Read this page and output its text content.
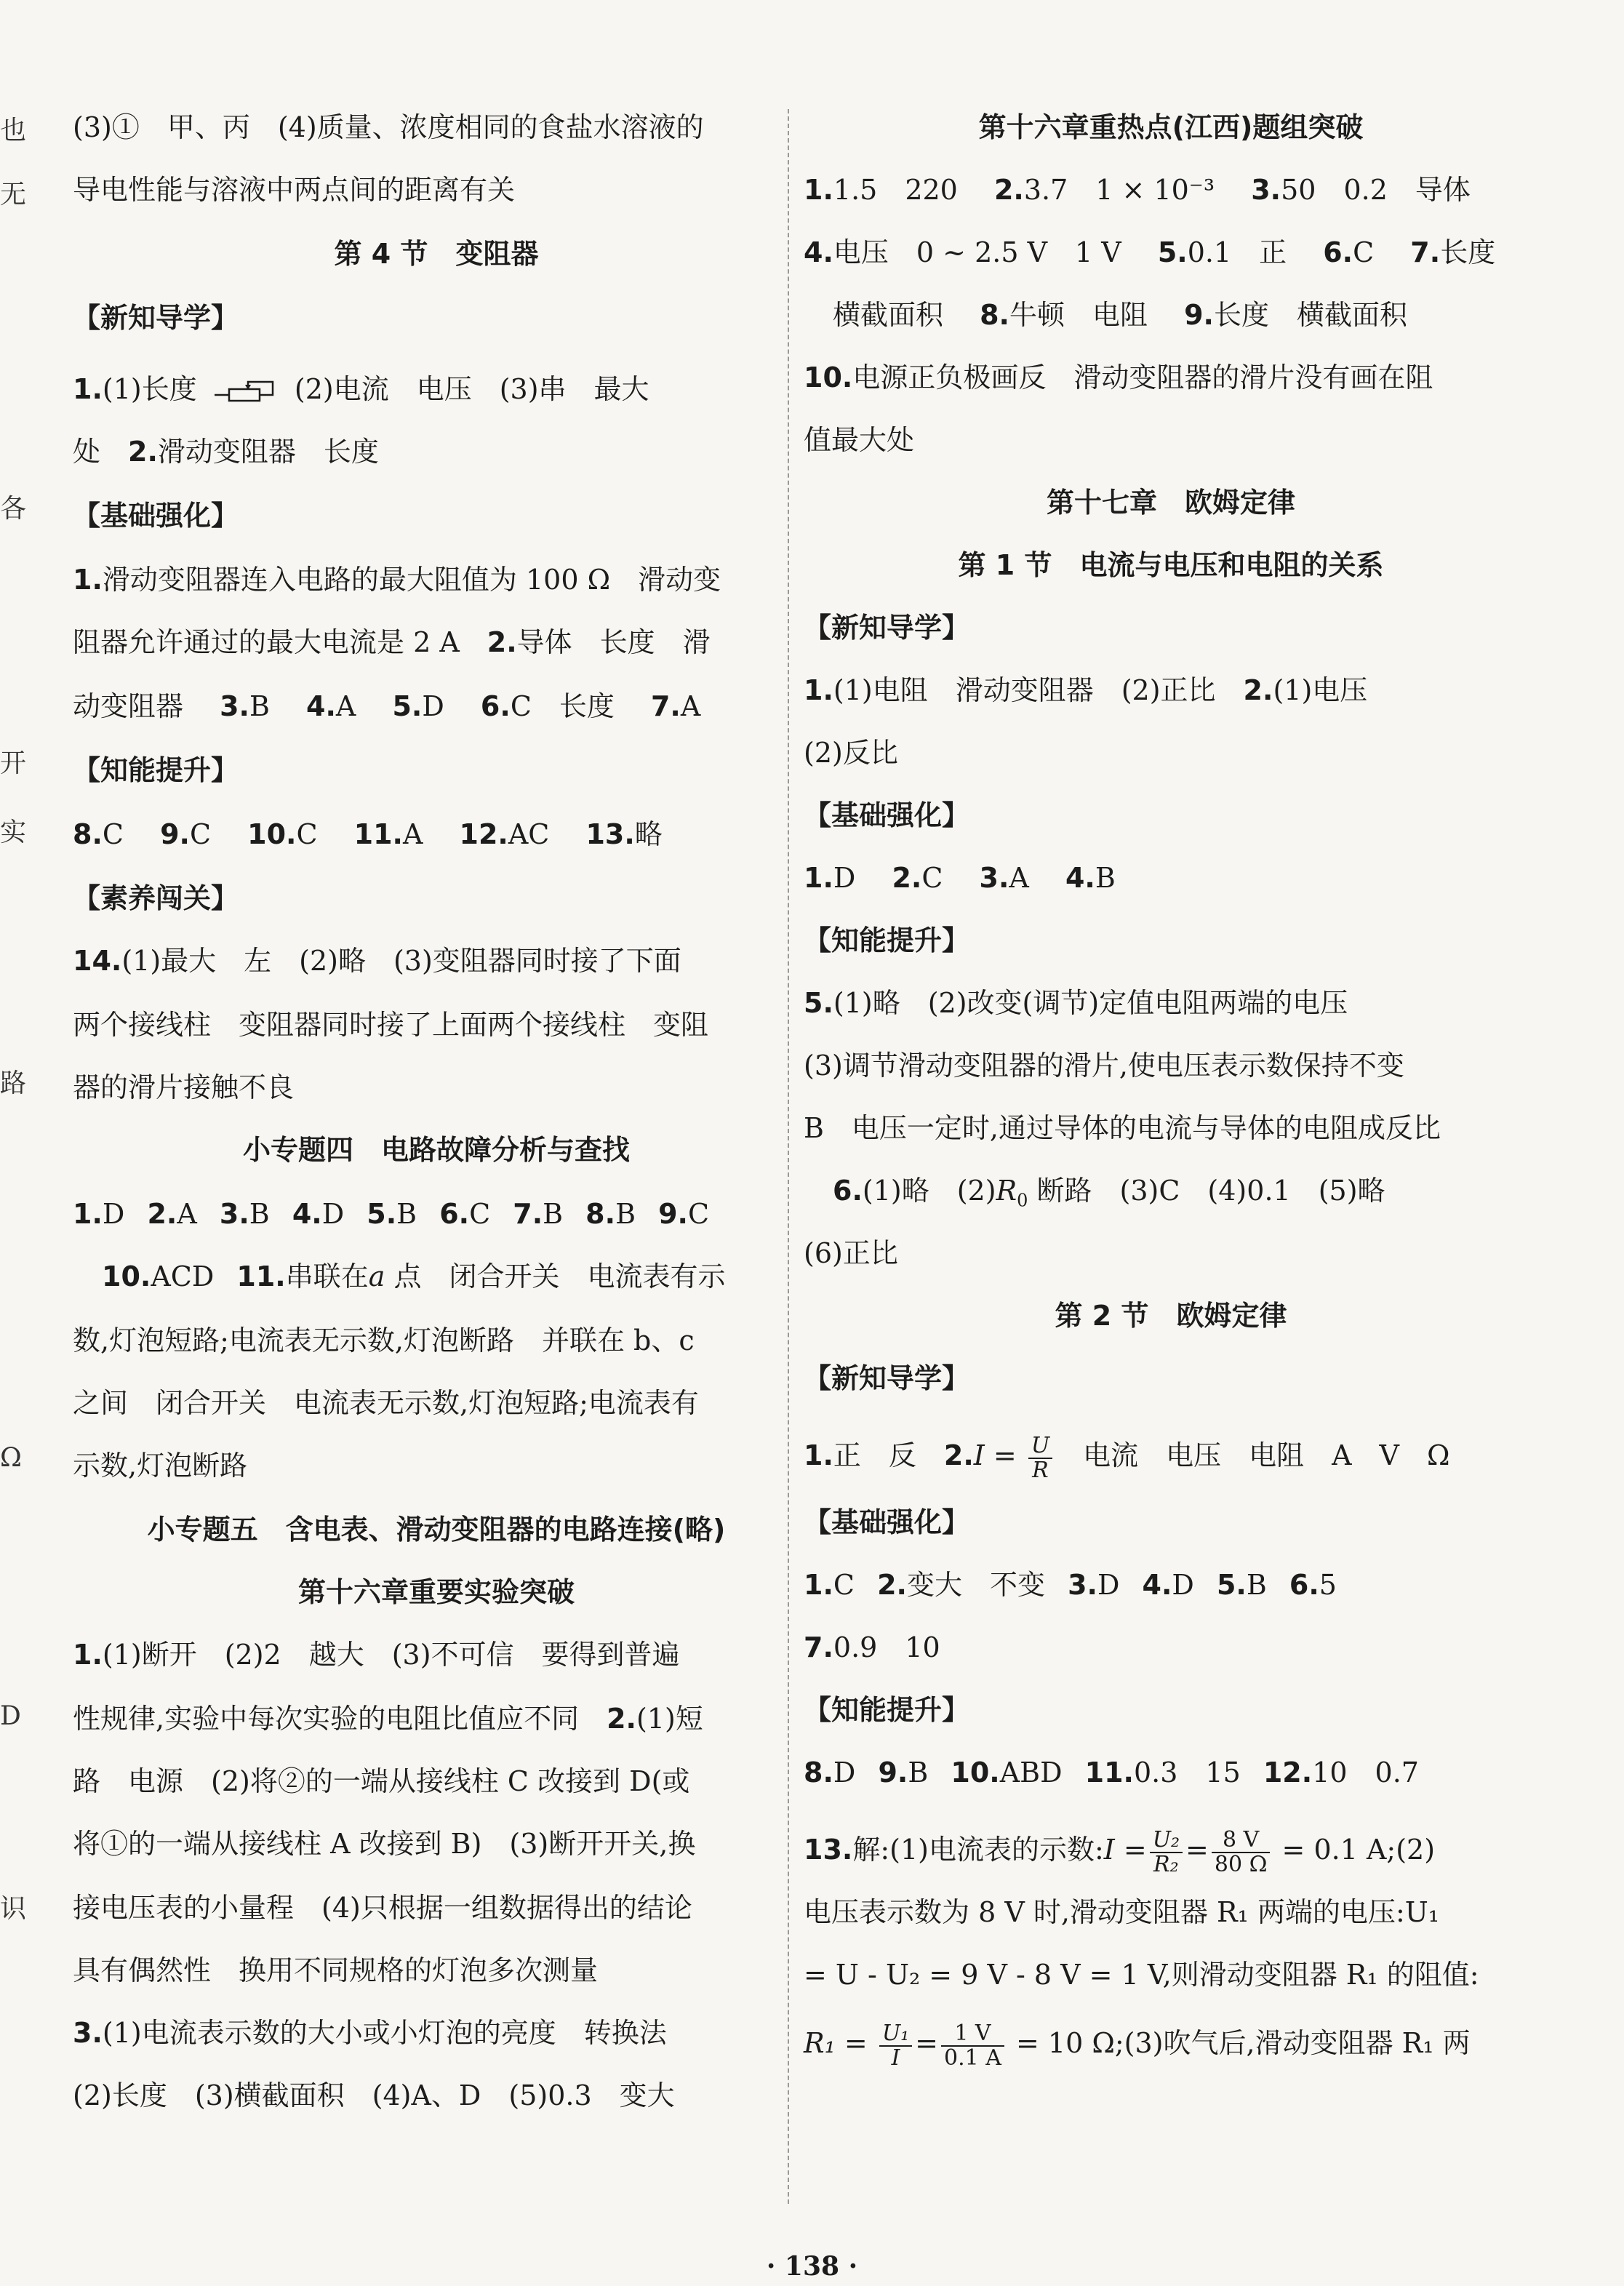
也
无
各
开
实
路
Ω
D
识
(3)①　甲、丙　(4)质量、浓度相同的食盐水溶液的
导电性能与溶液中两点间的距离有关
第 4 节　变阻器
【新知导学】
1.(1)长度	(2)电流　电压　(3)串　最大
处　2.滑动变阻器　长度
【基础强化】
1.滑动变阻器连入电路的最大阻值为 100 Ω　滑动变
阻器允许通过的最大电流是 2 A　2.导体　长度　滑
动变阻器　 3.B  4.A  5.D  6.C　长度  7.A
【知能提升】
8.C  9.C  10.C  11.A  12.AC  13.略
【素养闯关】
14.(1)最大　左　(2)略　(3)变阻器同时接了下面
两个接线柱　变阻器同时接了上面两个接线柱　变阻
器的滑片接触不良
小专题四　电路故障分析与查找
1.D  2.A  3.B  4.D  5.B  6.C  7.B  8.B  9.C
10.ACD  11.串联在a 点　闭合开关　电流表有示
数,灯泡短路;电流表无示数,灯泡断路　并联在 b、c
之间　闭合开关　电流表无示数,灯泡短路;电流表有
示数,灯泡断路
小专题五　含电表、滑动变阻器的电路连接(略)
第十六章重要实验突破
1.(1)断开　(2)2　越大　(3)不可信　要得到普遍
性规律,实验中每次实验的电阻比值应不同　2.(1)短
路　电源　(2)将②的一端从接线柱 C 改接到 D(或
将①的一端从接线柱 A 改接到 B)　(3)断开开关,换
接电压表的小量程　(4)只根据一组数据得出的结论
具有偶然性　换用不同规格的灯泡多次测量
3.(1)电流表示数的大小或小灯泡的亮度　转换法
(2)长度　(3)横截面积　(4)A、D　(5)0.3　变大
第十六章重热点(江西)题组突破
1.1.5　220　 2.3.7　1 × 10⁻³　 3.50　0.2　导体
4.电压　0 ~ 2.5 V　1 V　 5.0.1　正　 6.C　 7.长度
横截面积　 8.牛顿　电阻　 9.长度　横截面积
10.电源正负极画反　滑动变阻器的滑片没有画在阻
值最大处
第十七章　欧姆定律
第 1 节　电流与电压和电阻的关系
【新知导学】
1.(1)电阻　滑动变阻器　(2)正比　2.(1)电压
(2)反比
【基础强化】
1.D  2.C  3.A  4.B
【知能提升】
5.(1)略　(2)改变(调节)定值电阻两端的电压
(3)调节滑动变阻器的滑片,使电压表示数保持不变
B　电压一定时,通过导体的电流与导体的电阻成反比
6.(1)略　$(2)R_0$ 断路　(3)C　(4)0.1　(5)略
(6)正比
第 2 节　欧姆定律
【新知导学】
1.正　反　$2.I = \frac{U}{R}$ 　电流　电压　电阻　A　V　Ω
【基础强化】
1.C  2.变大　不变  3.D  4.D  5.B  6.5
7.0.9　10
【知能提升】
8.D  9.B  10.ABD  11.0.3　15  12.10　0.7
13.解:(1)电流表的示数:I = $\frac{\text{U₂}}{\text{R₂}} = \frac{8 V}{80 \Omega} = 0.1$ A;(2)
电压表示数为 8 V 时,滑动变阻器 R₁ 两端的电压:U₁
= U - U₂ = 9 V - 8 V = 1 V,则滑动变阻器 R₁ 的阻值:
$R_1 = \frac{\text{U₁}}{I} = \frac{1 V}{0.1 A} = 10$ Ω;(3)吹气后,滑动变阻器 R₁ 两
· 138 ·
